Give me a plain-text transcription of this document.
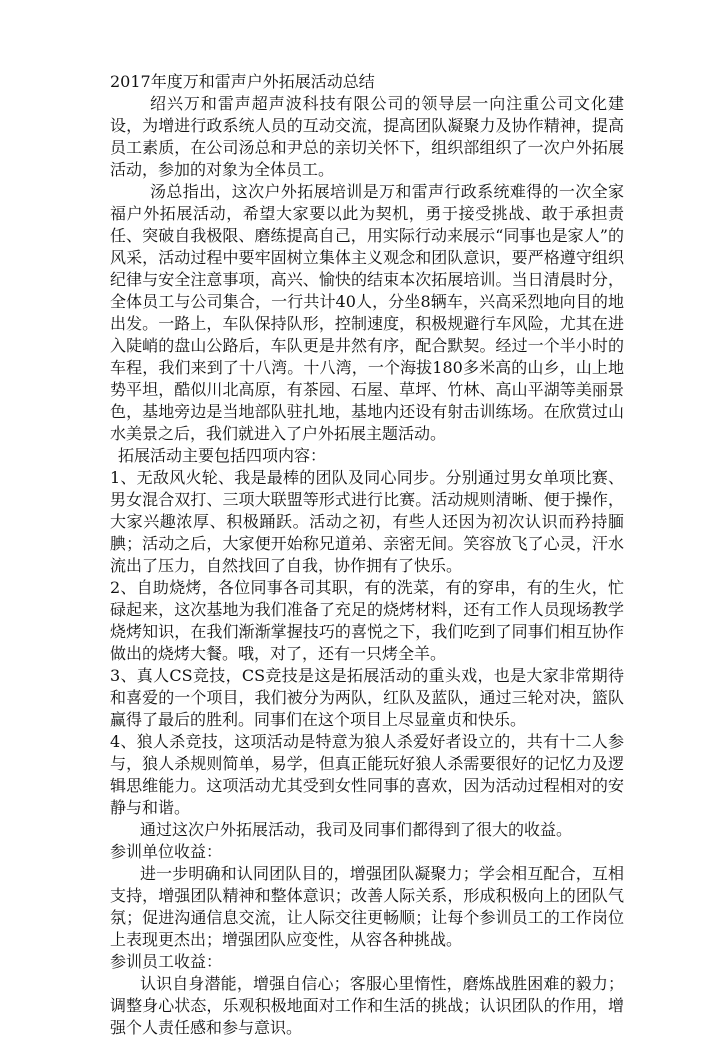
2017年度万和雷声户外拓展活动总结

绍兴万和雷声超声波科技有限公司的领导层一向注重公司文化建设，为增进行政系统人员的互动交流，提高团队凝聚力及协作精神，提高员工素质，在公司汤总和尹总的亲切关怀下，组织部组织了一次户外拓展活动，参加的对象为全体员工。

汤总指出，这次户外拓展培训是万和雷声行政系统难得的一次全家福户外拓展活动，希望大家要以此为契机，勇于接受挑战、敢于承担责任、突破自我极限、磨练提高自己，用实际行动来展示“同事也是家人”的风采，活动过程中要牢固树立集体主义观念和团队意识，要严格遵守组织纪律与安全注意事项，高兴、愉快的结束本次拓展培训。当日清晨时分，全体员工与公司集合，一行共计40人，分坐8辆车，兴高采烈地向目的地出发。一路上，车队保持队形，控制速度，积极规避行车风险，尤其在进入陡峭的盘山公路后，车队更是井然有序，配合默契。经过一个半小时的车程，我们来到了十八湾。十八湾，一个海拔180多米高的山乡，山上地势平坦，酷似川北高原，有茶园、石屋、草坪、竹林、高山平湖等美丽景色，基地旁边是当地部队驻扎地，基地内还设有射击训练场。在欣赏过山水美景之后，我们就进入了户外拓展主题活动。

拓展活动主要包括四项内容：

1、无敌风火轮、我是最棒的团队及同心同步。分别通过男女单项比赛、男女混合双打、三项大联盟等形式进行比赛。活动规则清晰、便于操作，大家兴趣浓厚、积极踊跃。活动之初，有些人还因为初次认识而矜持腼腆；活动之后，大家便开始称兄道弟、亲密无间。笑容放飞了心灵，汗水流出了压力，自然找回了自我，协作拥有了快乐。

2、自助烧烤，各位同事各司其职，有的洗菜，有的穿串，有的生火，忙碌起来，这次基地为我们准备了充足的烧烤材料，还有工作人员现场教学烧烤知识，在我们渐渐掌握技巧的喜悦之下，我们吃到了同事们相互协作做出的烧烤大餐。哦，对了，还有一只烤全羊。

3、真人CS竞技，CS竞技是这是拓展活动的重头戏，也是大家非常期待和喜爱的一个项目，我们被分为两队，红队及蓝队，通过三轮对决，篮队赢得了最后的胜利。同事们在这个项目上尽显童贞和快乐。

4、狼人杀竞技，这项活动是特意为狼人杀爱好者设立的，共有十二人参与，狼人杀规则简单，易学，但真正能玩好狼人杀需要很好的记忆力及逻辑思维能力。这项活动尤其受到女性同事的喜欢，因为活动过程相对的安静与和谐。

通过这次户外拓展活动，我司及同事们都得到了很大的收益。

参训单位收益：

进一步明确和认同团队目的，增强团队凝聚力；学会相互配合，互相支持，增强团队精神和整体意识；改善人际关系，形成积极向上的团队气氛；促进沟通信息交流，让人际交往更畅顺；让每个参训员工的工作岗位上表现更杰出；增强团队应变性，从容各种挑战。

参训员工收益：

认识自身潜能，增强自信心；客服心里惰性，磨炼战胜困难的毅力；调整身心状态，乐观积极地面对工作和生活的挑战；认识团队的作用，增强个人责任感和参与意识。
